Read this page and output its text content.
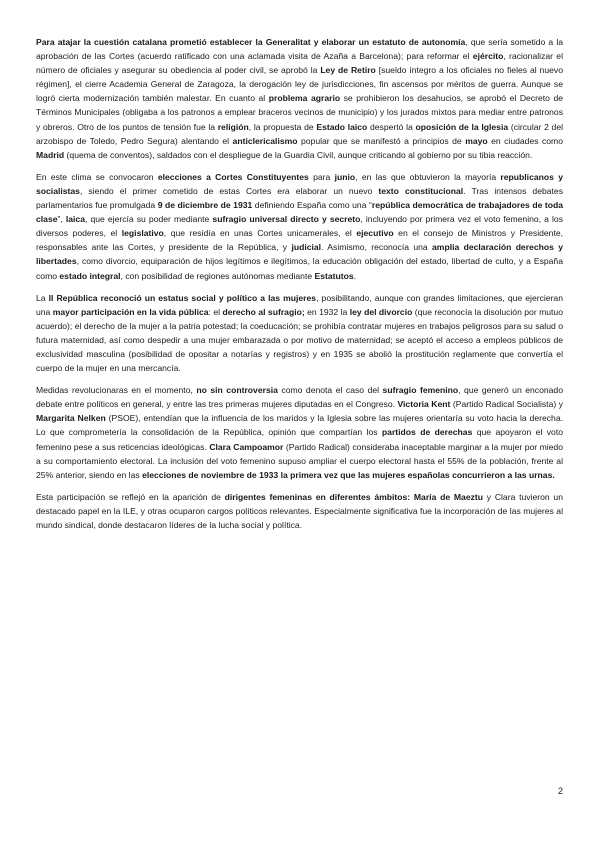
Para atajar la cuestión catalana prometió establecer la Generalitat y elaborar un estatuto de autonomía, que sería sometido a la aprobación de las Cortes (acuerdo ratificado con una aclamada visita de Azaña a Barcelona); para reformar el ejército, racionalizar el número de oficiales y asegurar su obediencia al poder civil, se aprobó la Ley de Retiro [sueldo íntegro a los oficiales no fieles al nuevo régimen], el cierre Academia General de Zaragoza, la derogación ley de jurisdicciones, fin ascensos por méritos de guerra. Aunque se logró cierta modernización también malestar. En cuanto al problema agrario se prohibieron los desahucios, se aprobó el Decreto de Términos Municipales (obligaba a los patronos a emplear braceros vecinos de municipio) y los jurados mixtos para mediar entre patronos y obreros. Otro de los puntos de tensión fue la religión, la propuesta de Estado laico despertó la oposición de la Iglesia (circular 2 del arzobispo de Toledo, Pedro Segura) alentando el anticlericalismo popular que se manifestó a principios de mayo en ciudades como Madrid (quema de conventos), saldados con el despliegue de la Guardia Civil, aunque criticando al gobierno por su tibia reacción.

En este clima se convocaron elecciones a Cortes Constituyentes para junio, en las que obtuvieron la mayoría republicanos y socialistas, siendo el primer cometido de estas Cortes era elaborar un nuevo texto constitucional. Tras intensos debates parlamentarios fue promulgada 9 de diciembre de 1931 definiendo España como una “república democrática de trabajadores de toda clase”, laica, que ejercía su poder mediante sufragio universal directo y secreto, incluyendo por primera vez el voto femenino, a los diversos poderes, el legislativo, que residía en unas Cortes unicamerales, el ejecutivo en el consejo de Ministros y Presidente, responsables ante las Cortes, y presidente de la República, y judicial. Asimismo, reconocía una amplia declaración derechos y libertades, como divorcio, equiparación de hijos legítimos e ilegítimos, la educación obligación del estado, libertad de culto, y a España como estado integral, con posibilidad de regiones autónomas mediante Estatutos.

La II República reconoció un estatus social y político a las mujeres, posibilitando, aunque con grandes limitaciones, que ejercieran una mayor participación en la vida pública: el derecho al sufragio; en 1932 la ley del divorcio (que reconocía la disolución por mutuo acuerdo); el derecho de la mujer a la patria potestad; la coeducación; se prohibía contratar mujeres en trabajos peligrosos para su salud o futura maternidad, así como despedir a una mujer embarazada o por motivo de maternidad; se aceptó el acceso a empleos públicos de exclusividad masculina (posibilidad de opositar a notarías y registros) y en 1935 se abolió la prostitución reglamente que convertía el cuerpo de la mujer en una mercancía.

Medidas revolucionaras en el momento, no sin controversia como denota el caso del sufragio femenino, que generó un enconado debate entre políticos en general, y entre las tres primeras mujeres diputadas en el Congreso. Victoria Kent (Partido Radical Socialista) y Margarita Nelken (PSOE), entendían que la influencia de los maridos y la Iglesia sobre las mujeres orientaría su voto hacia la derecha. Lo que comprometería la consolidación de la República, opinión que compartían los partidos de derechas que apoyaron el voto femenino pese a sus reticencias ideológicas. Clara Campoamor (Partido Radical) consideraba inaceptable marginar a la mujer por miedo a su comportamiento electoral. La inclusión del voto femenino supuso ampliar el cuerpo electoral hasta el 55% de la población, frente al 25% anterior, siendo en las elecciones de noviembre de 1933 la primera vez que las mujeres españolas concurrieron a las urnas.

Esta participación se reflejó en la aparición de dirigentes femeninas en diferentes ámbitos: María de Maeztu y Clara tuvieron un destacado papel en la ILE, y otras ocuparon cargos políticos relevantes. Especialmente significativa fue la incorporación de las mujeres al mundo sindical, donde destacaron líderes de la lucha social y política.

2
